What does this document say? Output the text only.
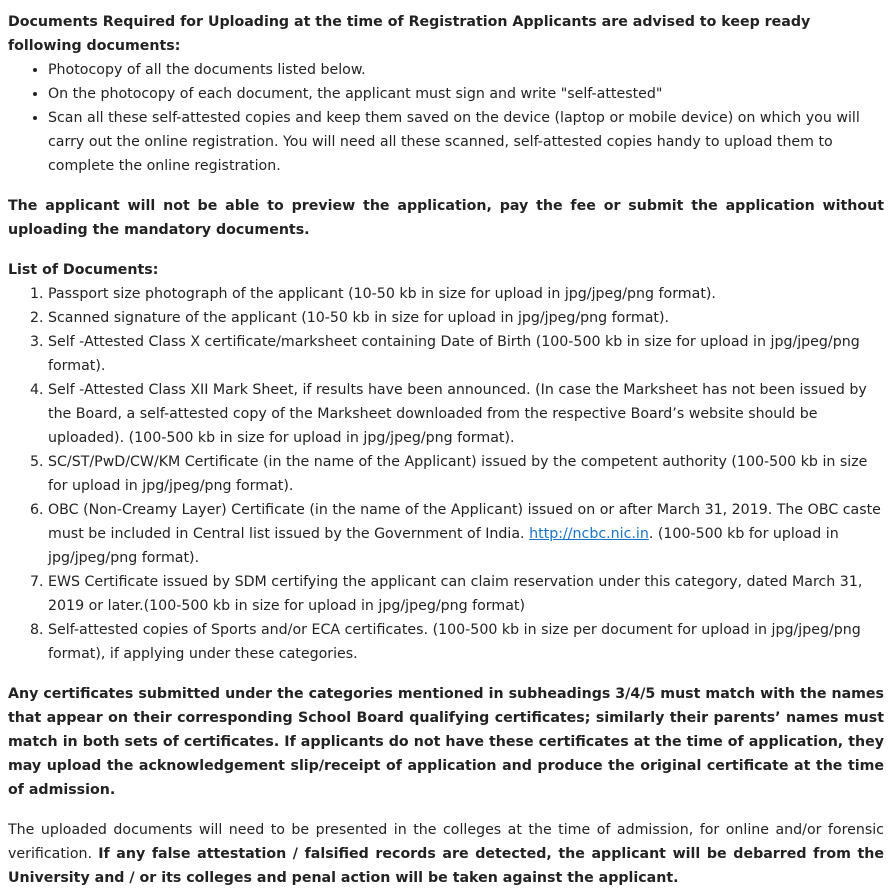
Documents Required for Uploading at the time of Registration Applicants are advised to keep ready following documents:

• Photocopy of all the documents listed below.
• On the photocopy of each document, the applicant must sign and write "self-attested"
• Scan all these self-attested copies and keep them saved on the device (laptop or mobile device) on which you will carry out the online registration. You will need all these scanned, self-attested copies handy to upload them to complete the online registration.

The applicant will not be able to preview the application, pay the fee or submit the application without uploading the mandatory documents.

List of Documents:

1. Passport size photograph of the applicant (10-50 kb in size for upload in jpg/jpeg/png format).
2. Scanned signature of the applicant (10-50 kb in size for upload in jpg/jpeg/png format).
3. Self -Attested Class X certificate/marksheet containing Date of Birth (100-500 kb in size for upload in jpg/jpeg/png format).
4. Self -Attested Class XII Mark Sheet, if results have been announced. (In case the Marksheet has not been issued by the Board, a self-attested copy of the Marksheet downloaded from the respective Board’s website should be uploaded). (100-500 kb in size for upload in jpg/jpeg/png format).
5. SC/ST/PwD/CW/KM Certificate (in the name of the Applicant) issued by the competent authority (100-500 kb in size for upload in jpg/jpeg/png format).
6. OBC (Non-Creamy Layer) Certificate (in the name of the Applicant) issued on or after March 31, 2019. The OBC caste must be included in Central list issued by the Government of India. http://ncbc.nic.in. (100-500 kb for upload in jpg/jpeg/png format).
7. EWS Certificate issued by SDM certifying the applicant can claim reservation under this category, dated March 31, 2019 or later.(100-500 kb in size for upload in jpg/jpeg/png format)
8. Self-attested copies of Sports and/or ECA certificates. (100-500 kb in size per document for upload in jpg/jpeg/png format), if applying under these categories.

Any certificates submitted under the categories mentioned in subheadings 3/4/5 must match with the names that appear on their corresponding School Board qualifying certificates; similarly their parents’ names must match in both sets of certificates. If applicants do not have these certificates at the time of application, they may upload the acknowledgement slip/receipt of application and produce the original certificate at the time of admission.

The uploaded documents will need to be presented in the colleges at the time of admission, for online and/or forensic verification. If any false attestation / falsified records are detected, the applicant will be debarred from the University and / or its colleges and penal action will be taken against the applicant.
